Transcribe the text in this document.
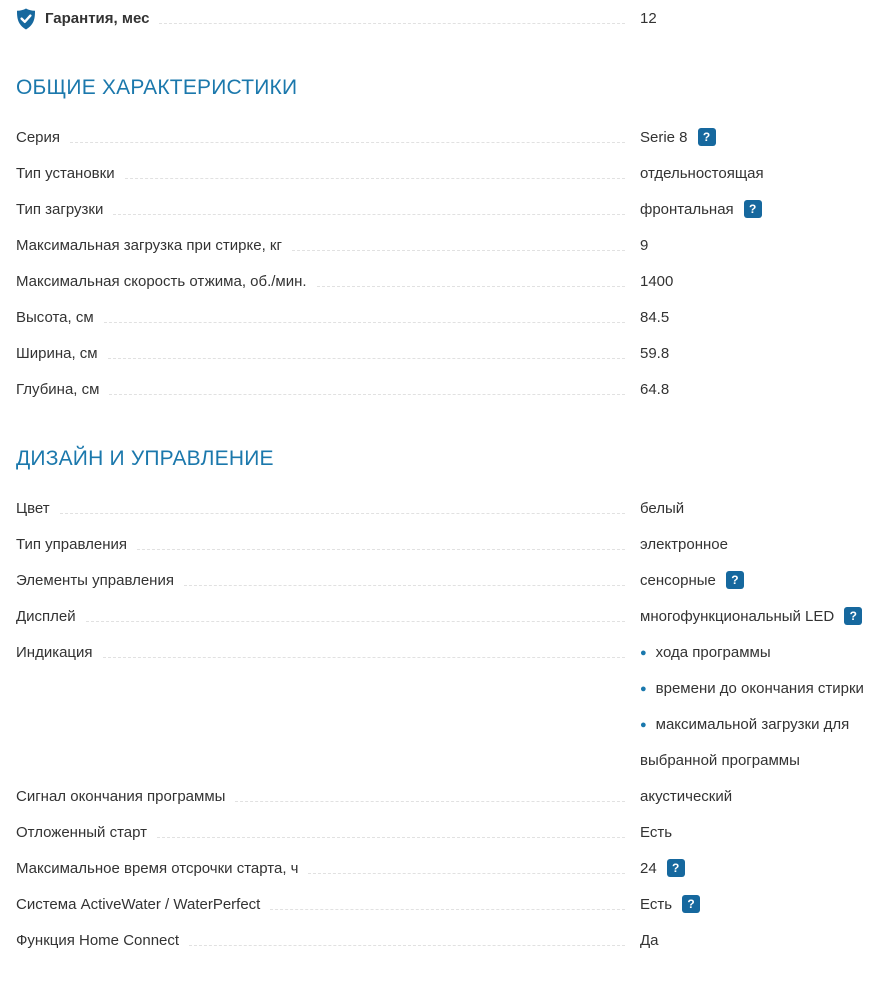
Гарантия, мес	12
ОБЩИЕ ХАРАКТЕРИСТИКИ
Серия	Serie 8 ?
Тип установки	отдельностоящая
Тип загрузки	фронтальная ?
Максимальная загрузка при стирке, кг	9
Максимальная скорость отжима, об./мин.	1400
Высота, см	84.5
Ширина, см	59.8
Глубина, см	64.8
ДИЗАЙН И УПРАВЛЕНИЕ
Цвет	белый
Тип управления	электронное
Элементы управления	сенсорные ?
Дисплей	многофункциональный LED ?
Индикация	● хода программы
● времени до окончания стирки
● максимальной загрузки для выбранной программы
Сигнал окончания программы	акустический
Отложенный старт	Есть
Максимальное время отсрочки старта, ч	24 ?
Система ActiveWater / WaterPerfect	Есть ?
Функция Home Connect	Да
